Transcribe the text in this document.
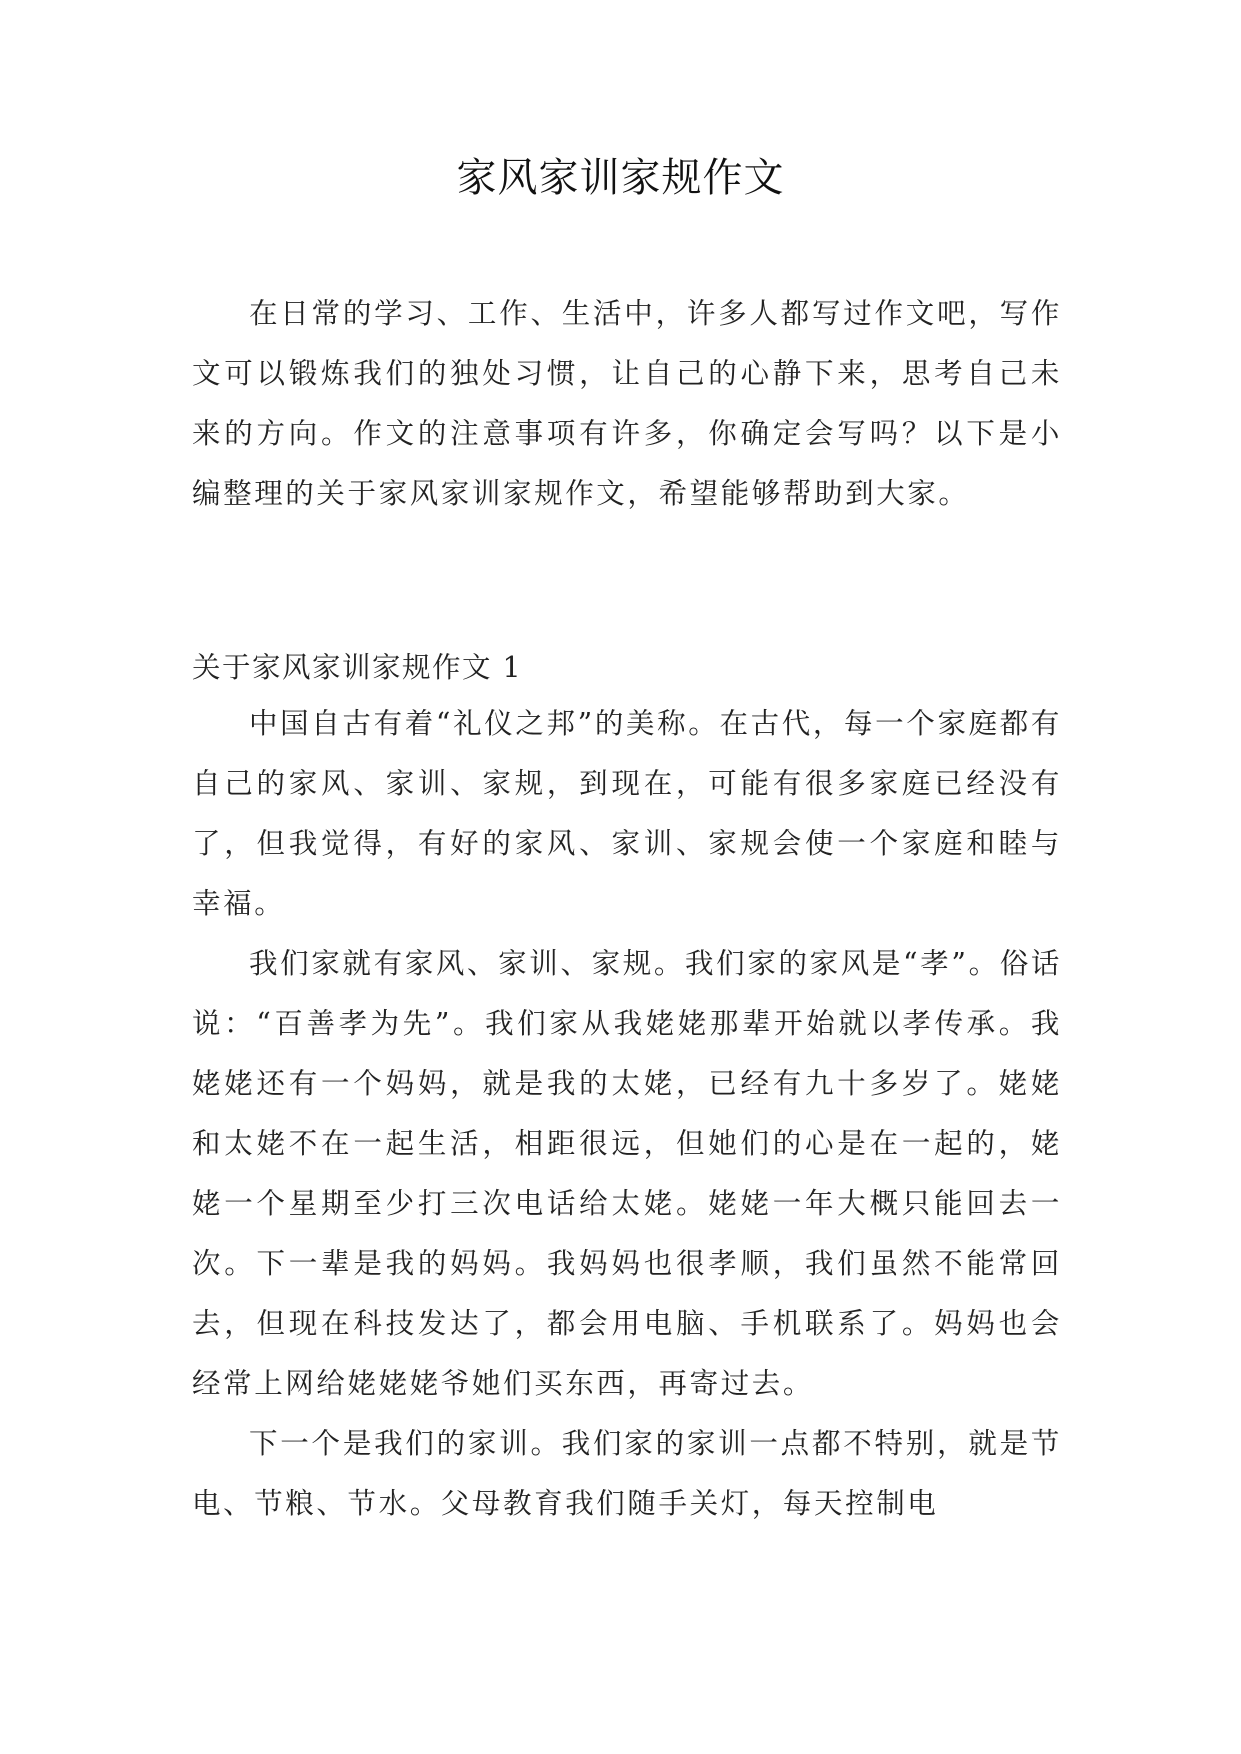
家风家训家规作文

在日常的学习、工作、生活中，许多人都写过作文吧，写作文可以锻炼我们的独处习惯，让自己的心静下来，思考自己未来的方向。作文的注意事项有许多，你确定会写吗？以下是小编整理的关于家风家训家规作文，希望能够帮助到大家。

关于家风家训家规作文 1

中国自古有着“礼仪之邦”的美称。在古代，每一个家庭都有自己的家风、家训、家规，到现在，可能有很多家庭已经没有了，但我觉得，有好的家风、家训、家规会使一个家庭和睦与幸福。

我们家就有家风、家训、家规。我们家的家风是“孝”。俗话说：“百善孝为先”。我们家从我姥姥那辈开始就以孝传承。我姥姥还有一个妈妈，就是我的太姥，已经有九十多岁了。姥姥和太姥不在一起生活，相距很远，但她们的心是在一起的，姥姥一个星期至少打三次电话给太姥。姥姥一年大概只能回去一次。下一辈是我的妈妈。我妈妈也很孝顺，我们虽然不能常回去，但现在科技发达了，都会用电脑、手机联系了。妈妈也会经常上网给姥姥姥爷她们买东西，再寄过去。

下一个是我们的家训。我们家的家训一点都不特别，就是节电、节粮、节水。父母教育我们随手关灯，每天控制电
